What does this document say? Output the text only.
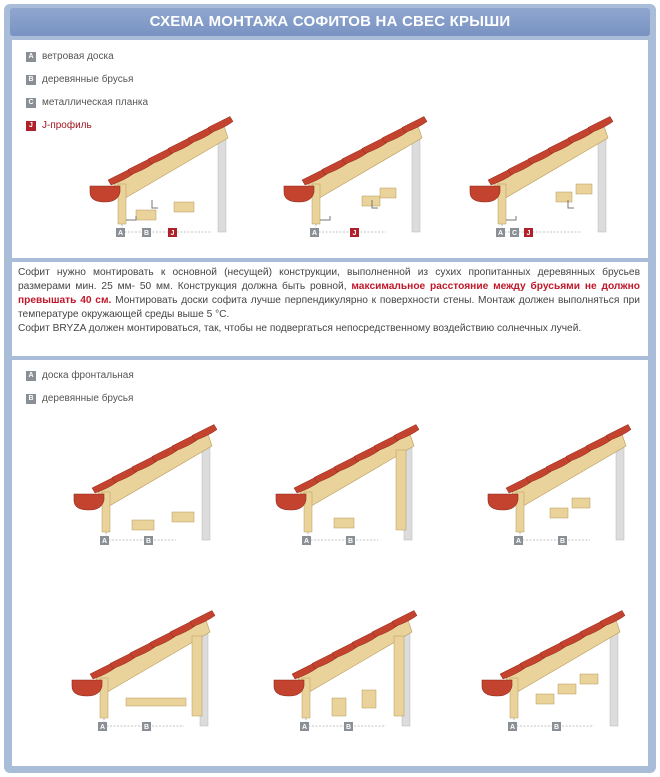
СХЕМА МОНТАЖА СОФИТОВ НА СВЕС КРЫШИ
A ветровая доска
B деревянные брусья
C металлическая планка
J J-профиль
Софит нужно монтировать к основной (несущей) конструкции, выполненной из сухих пропитанных деревянных брусьев размерами мин. 25 мм- 50 мм. Конструкция должна быть ровной, максимальное расстояние между брусьями не должно превышать 40 см. Монтировать доски софита лучше перпендикулярно к поверхности стены. Монтаж должен выполняться при температуре окружающей среды выше 5 °С.
Софит BRYZA должен монтироваться, так, чтобы не подвергаться непосредственному воздействию солнечных лучей.
A доска фронтальная
B деревянные брусья
A	B	J	A	J	A C J
A	B	A	B	A	B
A	B	A	B	A	B
